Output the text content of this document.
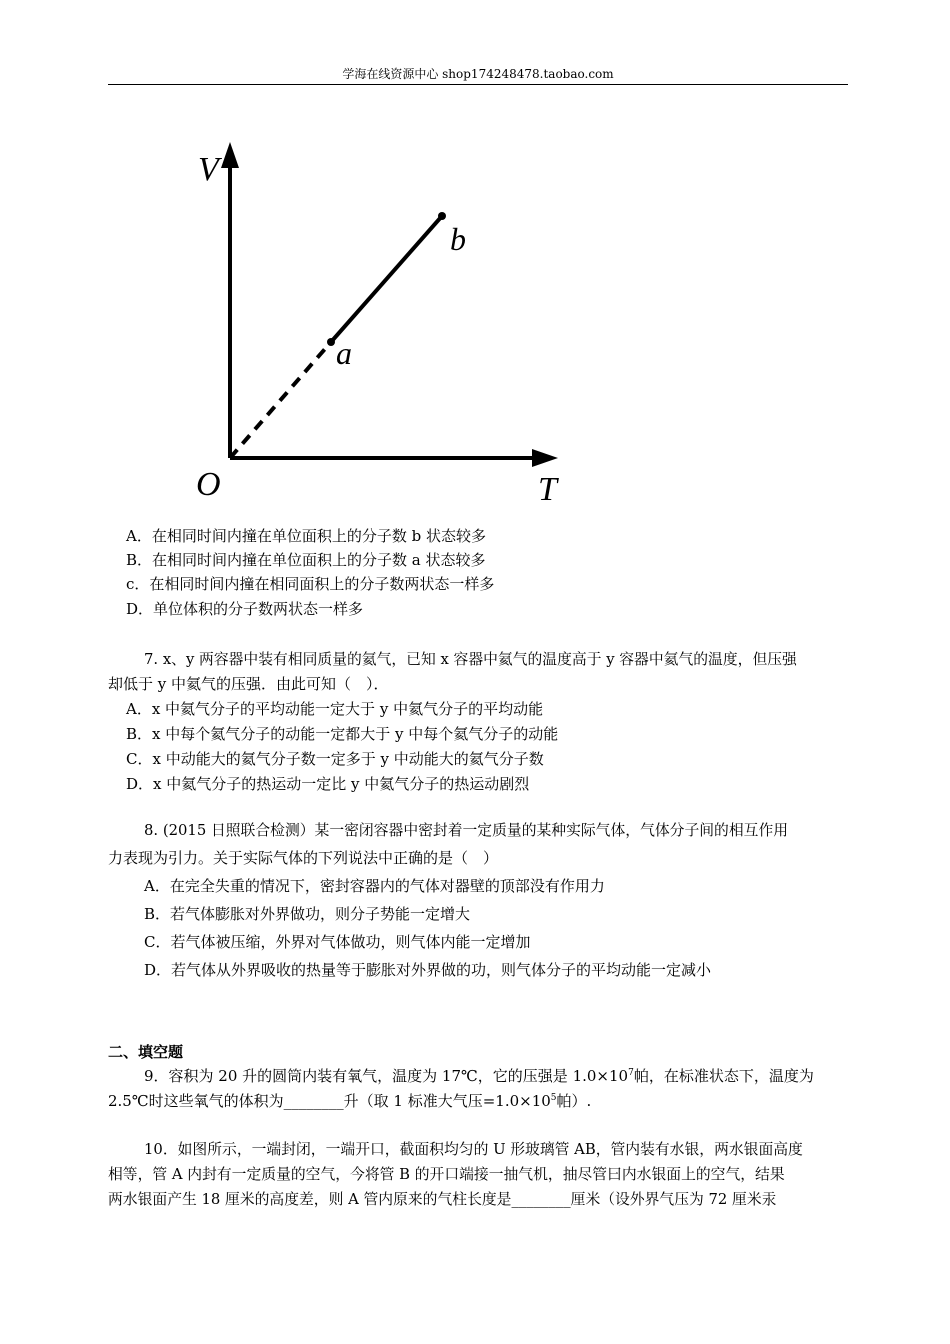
学海在线资源中心 shop174248478.taobao.com
V
T
O
a
b
A．在相同时间内撞在单位面积上的分子数 b 状态较多
B．在相同时间内撞在单位面积上的分子数 a 状态较多
c．在相同时间内撞在相同面积上的分子数两状态一样多
D．单位体积的分子数两状态一样多
7. x、y 两容器中装有相同质量的氦气，已知 x 容器中氦气的温度高于 y 容器中氦气的温度，但压强
却低于 y 中氦气的压强．由此可知（　）．
A．x 中氦气分子的平均动能一定大于 y 中氦气分子的平均动能
B．x 中每个氦气分子的动能一定都大于 y 中每个氦气分子的动能
C．x 中动能大的氦气分子数一定多于 y 中动能大的氦气分子数
D．x 中氦气分子的热运动一定比 y 中氦气分子的热运动剧烈
8. (2015 日照联合检测）某一密闭容器中密封着一定质量的某种实际气体，气体分子间的相互作用
力表现为引力。关于实际气体的下列说法中正确的是（　）
A．在完全失重的情况下，密封容器内的气体对器壁的顶部没有作用力
B．若气体膨胀对外界做功，则分子势能一定增大
C．若气体被压缩，外界对气体做功，则气体内能一定增加
D．若气体从外界吸收的热量等于膨胀对外界做的功，则气体分子的平均动能一定减小
二、填空题
9．容积为 20 升的圆筒内装有氧气，温度为 17℃，它的压强是 $1.0\times 10^7$帕，在标准状态下，温度为
2.5℃时这些氧气的体积为________升（取 1 标准大气压$=1.0\times 10^5$帕）.
10．如图所示，一端封闭，一端开口，截面积均匀的 U 形玻璃管 AB，管内装有水银，两水银面高度
相等，管 A 内封有一定质量的空气，今将管 B 的开口端接一抽气机，抽尽管曰内水银面上的空气，结果
两水银面产生 18 厘米的高度差，则 A 管内原来的气柱长度是________厘米（设外界气压为 72 厘米汞
